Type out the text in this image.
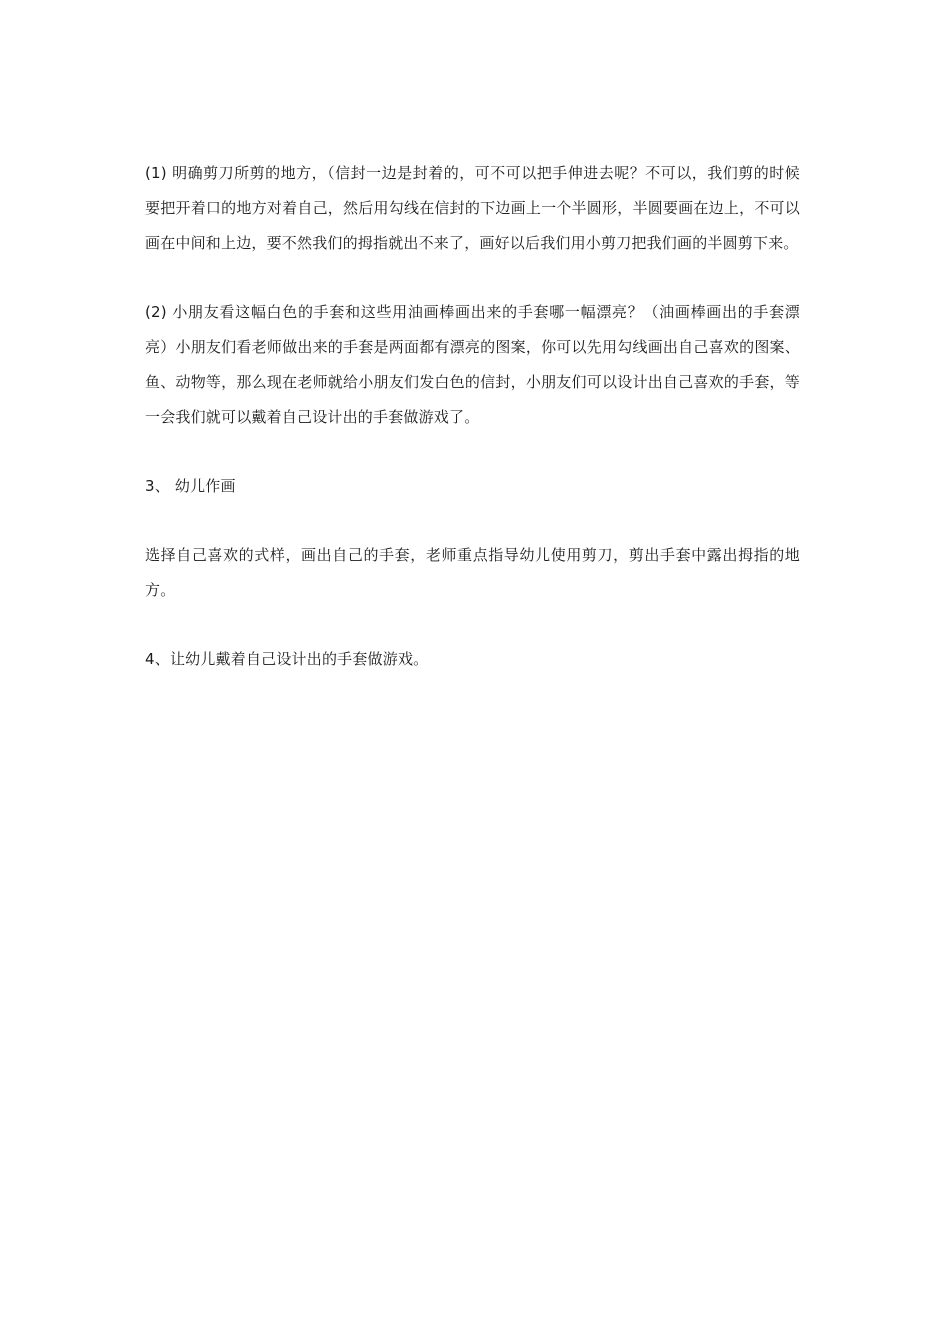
(1) 明确剪刀所剪的地方，（信封一边是封着的，可不可以把手伸进去呢？不可以，我们剪的时候要把开着口的地方对着自己，然后用勾线在信封的下边画上一个半圆形，半圆要画在边上，不可以画在中间和上边，要不然我们的拇指就出不来了，画好以后我们用小剪刀把我们画的半圆剪下来。

(2) 小朋友看这幅白色的手套和这些用油画棒画出来的手套哪一幅漂亮？（油画棒画出的手套漂亮）小朋友们看老师做出来的手套是两面都有漂亮的图案，你可以先用勾线画出自己喜欢的图案、鱼、动物等，那么现在老师就给小朋友们发白色的信封，小朋友们可以设计出自己喜欢的手套，等一会我们就可以戴着自己设计出的手套做游戏了。

3、 幼儿作画

选择自己喜欢的式样，画出自己的手套，老师重点指导幼儿使用剪刀，剪出手套中露出拇指的地方。

4、让幼儿戴着自己设计出的手套做游戏。
